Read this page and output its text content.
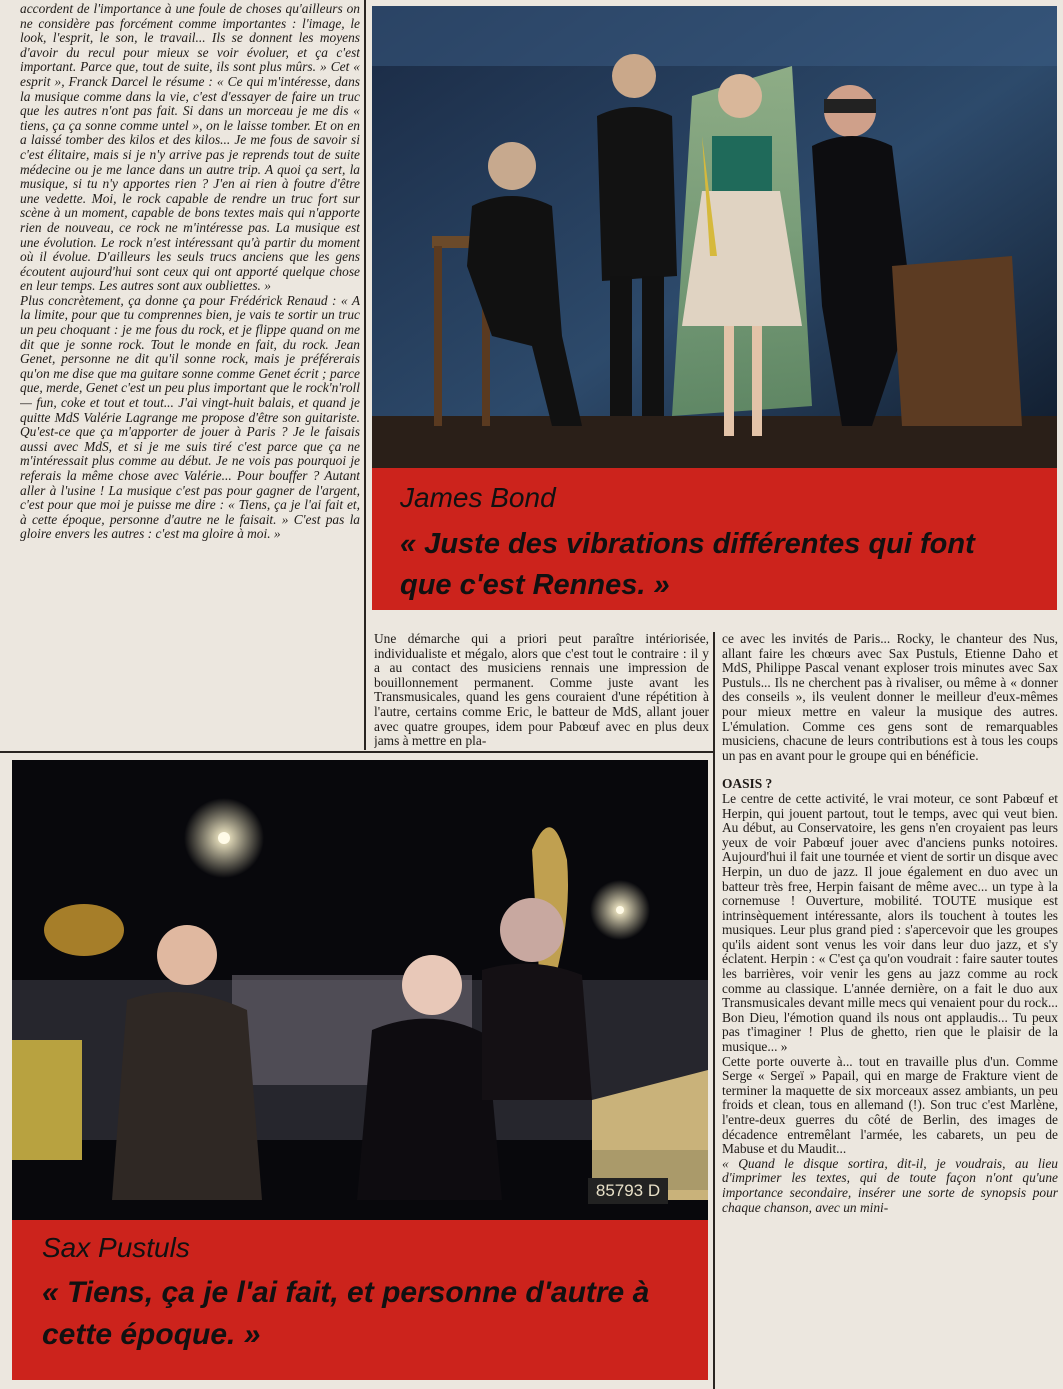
accordent de l'importance à une foule de choses qu'ailleurs on ne considère pas forcément comme importantes : l'image, le look, l'esprit, le son, le travail... Ils se donnent les moyens d'avoir du recul pour mieux se voir évoluer, et ça c'est important. Parce que, tout de suite, ils sont plus mûrs. » Cet « esprit », Franck Darcel le résume : « Ce qui m'intéresse, dans la musique comme dans la vie, c'est d'essayer de faire un truc que les autres n'ont pas fait. Si dans un morceau je me dis « tiens, ça ça sonne comme untel », on le laisse tomber. Et on en a laissé tomber des kilos et des kilos... Je me fous de savoir si c'est élitaire, mais si je n'y arrive pas je reprends tout de suite médecine ou je me lance dans un autre trip. A quoi ça sert, la musique, si tu n'y apportes rien ? J'en ai rien à foutre d'être une vedette. Moi, le rock capable de rendre un truc fort sur scène à un moment, capable de bons textes mais qui n'apporte rien de nouveau, ce rock ne m'intéresse pas. La musique est une évolution. Le rock n'est intéressant qu'à partir du moment où il évolue. D'ailleurs les seuls trucs anciens que les gens écoutent aujourd'hui sont ceux qui ont apporté quelque chose en leur temps. Les autres sont aux oubliettes. »

Plus concrètement, ça donne ça pour Frédérick Renaud : « A la limite, pour que tu comprennes bien, je vais te sortir un truc un peu choquant : je me fous du rock, et je flippe quand on me dit que je sonne rock. Tout le monde en fait, du rock. Jean Genet, personne ne dit qu'il sonne rock, mais je préférerais qu'on me dise que ma guitare sonne comme Genet écrit ; parce que, merde, Genet c'est un peu plus important que le rock'n'roll — fun, coke et tout et tout... J'ai vingt-huit balais, et quand je quitte MdS Valérie Lagrange me propose d'être son guitariste. Qu'est-ce que ça m'apporter de jouer à Paris ? Je le faisais aussi avec MdS, et si je me suis tiré c'est parce que ça ne m'intéressait plus comme au début. Je ne vois pas pourquoi je referais la même chose avec Valérie... Pour bouffer ? Autant aller à l'usine ! La musique c'est pas pour gagner de l'argent, c'est pour que moi je puisse me dire : « Tiens, ça je l'ai fait et, à cette époque, personne d'autre ne le faisait. » C'est pas la gloire envers les autres : c'est ma gloire à moi. »

James Bond
« Juste des vibrations différentes qui font que c'est Rennes. »

Une démarche qui a priori peut paraître intériorisée, individualiste et mégalo, alors que c'est tout le contraire : il y a au contact des musiciens rennais une impression de bouillonnement permanent. Comme juste avant les Transmusicales, quand les gens couraient d'une répétition à l'autre, certains comme Eric, le batteur de MdS, allant jouer avec quatre groupes, idem pour Pabœuf avec en plus deux jams à mettre en pla-

ce avec les invités de Paris... Rocky, le chanteur des Nus, allant faire les chœurs avec Sax Pustuls, Etienne Daho et MdS, Philippe Pascal venant exploser trois minutes avec Sax Pustuls... Ils ne cherchent pas à rivaliser, ou même à « donner des conseils », ils veulent donner le meilleur d'eux-mêmes pour mieux mettre en valeur la musique des autres. L'émulation. Comme ces gens sont de remarquables musiciens, chacune de leurs contributions est à tous les coups un pas en avant pour le groupe qui en bénéficie.

OASIS ?

Le centre de cette activité, le vrai moteur, ce sont Pabœuf et Herpin, qui jouent partout, tout le temps, avec qui veut bien. Au début, au Conservatoire, les gens n'en croyaient pas leurs yeux de voir Pabœuf jouer avec d'anciens punks notoires. Aujourd'hui il fait une tournée et vient de sortir un disque avec Herpin, un duo de jazz. Il joue également en duo avec un batteur très free, Herpin faisant de même avec... un type à la cornemuse ! Ouverture, mobilité. TOUTE musique est intrinsèquement intéressante, alors ils touchent à toutes les musiques. Leur plus grand pied : s'apercevoir que les groupes qu'ils aident sont venus les voir dans leur duo jazz, et s'y éclatent. Herpin : « C'est ça qu'on voudrait : faire sauter toutes les barrières, voir venir les gens au jazz comme au rock comme au classique. L'année dernière, on a fait le duo aux Transmusicales devant mille mecs qui venaient pour du rock... Bon Dieu, l'émotion quand ils nous ont applaudis... Tu peux pas t'imaginer ! Plus de ghetto, rien que le plaisir de la musique... »

Cette porte ouverte à... tout en travaille plus d'un. Comme Serge « Sergeï » Papail, qui en marge de Frakture vient de terminer la maquette de six morceaux assez ambiants, un peu froids et clean, tous en allemand (!). Son truc c'est Marlène, l'entre-deux guerres du côté de Berlin, des images de décadence entremêlant l'armée, les cabarets, un peu de Mabuse et du Maudit...

« Quand le disque sortira, dit-il, je voudrais, au lieu d'imprimer les textes, qui de toute façon n'ont qu'une importance secondaire, insérer une sorte de synopsis pour chaque chanson, avec un mini-

85793 D
Sax Pustuls
« Tiens, ça je l'ai fait, et personne d'autre à cette époque. »
